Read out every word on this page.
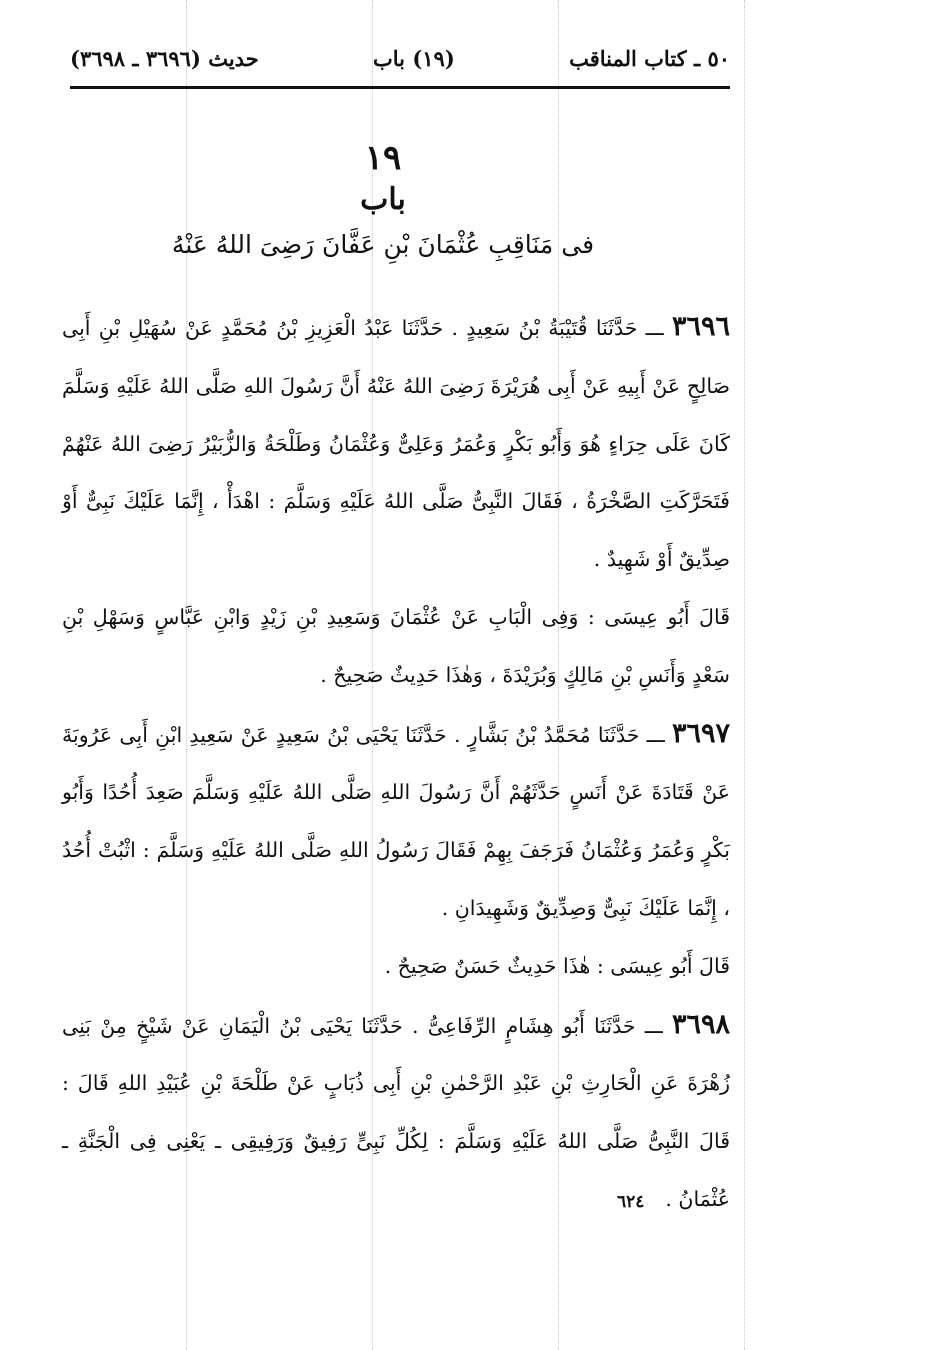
٥٠ ـ كتاب المناقب
(١٩) باب
حديث (٣٦٩٦ ـ ٣٦٩٨)
١٩
باب
فى مَنَاقِبِ عُثْمَانَ بْنِ عَفَّانَ رَضِىَ اللهُ عَنْهُ

٣٦٩٦ ـــ حَدَّثَنَا قُتَيْبَةُ بْنُ سَعِيدٍ . حَدَّثَنَا عَبْدُ الْعَزِيزِ بْنُ مُحَمَّدٍ عَنْ سُهَيْلِ بْنِ أَبِى صَالِحٍ عَنْ أَبِيهِ عَنْ أَبِى هُرَيْرَةَ رَضِىَ اللهُ عَنْهُ أَنَّ رَسُولَ اللهِ صَلَّى اللهُ عَلَيْهِ وَسَلَّمَ كَانَ عَلَى حِرَاءٍ هُوَ وَأَبُو بَكْرٍ وَعُمَرُ وَعَلِىٌّ وَعُثْمَانُ وَطَلْحَةُ وَالزُّبَيْرُ رَضِىَ اللهُ عَنْهُمْ فَتَحَرَّكَتِ الصَّخْرَةُ ، فَقَالَ النَّبِىُّ صَلَّى اللهُ عَلَيْهِ وَسَلَّمَ : اهْدَأْ ، إِنَّمَا عَلَيْكَ نَبِىٌّ أَوْ صِدِّيقٌ أَوْ شَهِيدٌ .

قَالَ أَبُو عِيسَى : وَفِى الْبَابِ عَنْ عُثْمَانَ وَسَعِيدِ بْنِ زَيْدٍ وَابْنِ عَبَّاسٍ وَسَهْلِ بْنِ سَعْدٍ وَأَنَسِ بْنِ مَالِكٍ وَبُرَيْدَةَ ، وَهٰذَا حَدِيثٌ صَحِيحٌ .

٣٦٩٧ ـــ حَدَّثَنَا مُحَمَّدُ بْنُ بَشَّارٍ . حَدَّثَنَا يَحْيَى بْنُ سَعِيدٍ عَنْ سَعِيدِ ابْنِ أَبِى عَرُوبَةَ عَنْ قَتَادَةَ عَنْ أَنَسٍ حَدَّثَهُمْ أَنَّ رَسُولَ اللهِ صَلَّى اللهُ عَلَيْهِ وَسَلَّمَ صَعِدَ أُحُدًا وَأَبُو بَكْرٍ وَعُمَرُ وَعُثْمَانُ فَرَجَفَ بِهِمْ فَقَالَ رَسُولُ اللهِ صَلَّى اللهُ عَلَيْهِ وَسَلَّمَ : اثْبُتْ أُحُدُ ، إِنَّمَا عَلَيْكَ نَبِىٌّ وَصِدِّيقٌ وَشَهِيدَانِ .

قَالَ أَبُو عِيسَى : هٰذَا حَدِيثٌ حَسَنٌ صَحِيحٌ .

٣٦٩٨ ـــ حَدَّثَنَا أَبُو هِشَامٍ الرِّفَاعِىُّ . حَدَّثَنَا يَحْيَى بْنُ الْيَمَانِ عَنْ شَيْخٍ مِنْ بَنِى زُهْرَةَ عَنِ الْحَارِثِ بْنِ عَبْدِ الرَّحْمٰنِ بْنِ أَبِى ذُبَابٍ عَنْ طَلْحَةَ بْنِ عُبَيْدِ اللهِ قَالَ : قَالَ النَّبِىُّ صَلَّى اللهُ عَلَيْهِ وَسَلَّمَ : لِكُلِّ نَبِىٍّ رَفِيقٌ وَرَفِيقِى ـ يَعْنِى فِى الْجَنَّةِ ـ عُثْمَانُ .

٦٢٤
